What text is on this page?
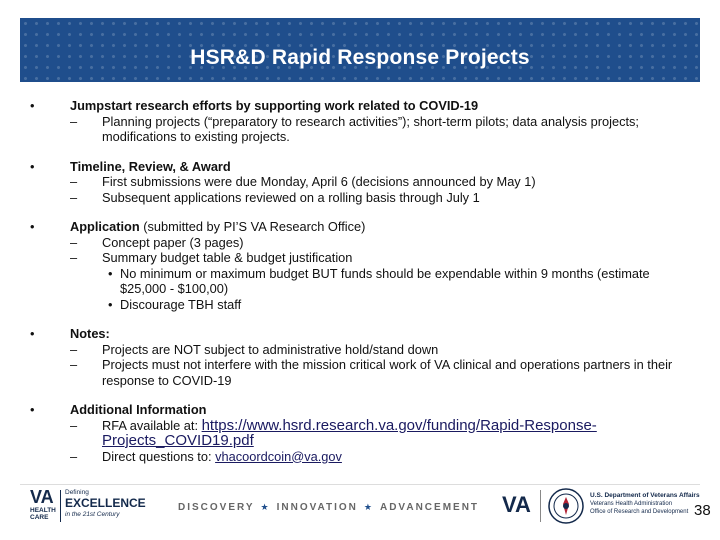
HSR&D Rapid Response Projects
•	Jumpstart research efforts by supporting work related to COVID-19
– Planning projects (“preparatory to research activities”); short-term pilots; data analysis projects; modifications to existing projects.
•	Timeline, Review, & Award
– First submissions were due Monday, April 6 (decisions announced by May 1)
– Subsequent applications reviewed on a rolling basis through July 1
•	Application (submitted by PI’S VA Research Office)
– Concept paper (3 pages)
– Summary budget table & budget justification
• No minimum or maximum budget BUT funds should be expendable within 9 months (estimate $25,000 - $100,00)
• Discourage TBH staff
•	Notes:
– Projects are NOT subject to administrative hold/stand down
– Projects must not interfere with the mission critical work of VA clinical and operations partners in their response to COVID-19
•	Additional Information
– RFA available at: https://www.hsrd.research.va.gov/funding/Rapid-Response-Projects_COVID19.pdf
– Direct questions to: vhacoordcoin@va.gov
VA
HEALTH
CARE
Defining
EXCELLENCE
in the 21st Century
DISCOVERY ★ INNOVATION ★ ADVANCEMENT VA	U.S. Department of Veterans Affairs
Veterans Health Administration
Office of Research and Development 38
